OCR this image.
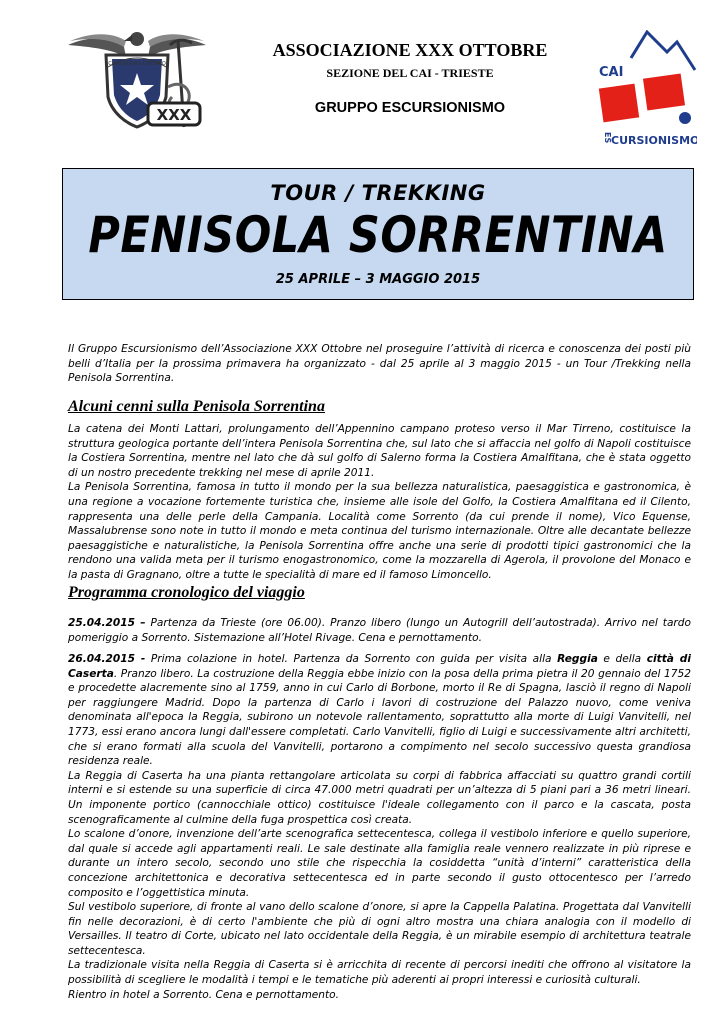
CLUB ALPINO ITALIANO
XXX
ASSOCIAZIONE XXX OTTOBRE
SEZIONE DEL CAI - TRIESTE
GRUPPO ESCURSIONISMO
CAI
ES CURSIONISMO
TOUR / TREKKING
PENISOLA SORRENTINA
25 APRILE – 3 MAGGIO 2015
Il Gruppo Escursionismo dell’Associazione XXX Ottobre nel proseguire l’attività di ricerca e conoscenza dei posti più belli d’Italia per la prossima primavera ha organizzato - dal 25 aprile al 3 maggio 2015 - un Tour /Trekking nella Penisola Sorrentina.
Alcuni cenni sulla Penisola Sorrentina

La catena dei Monti Lattari, prolungamento dell’Appennino campano proteso verso il Mar Tirreno, costituisce la struttura geologica portante dell’intera Penisola Sorrentina che, sul lato che si affaccia nel golfo di Napoli costituisce la Costiera Sorrentina, mentre nel lato che dà sul golfo di Salerno forma la Costiera Amalfitana, che è stata oggetto di un nostro precedente trekking nel mese di aprile 2011.

La Penisola Sorrentina, famosa in tutto il mondo per la sua bellezza naturalistica, paesaggistica e gastronomica, è una regione a vocazione fortemente turistica che, insieme alle isole del Golfo, la Costiera Amalfitana ed il Cilento, rappresenta una delle perle della Campania. Località come Sorrento (da cui prende il nome), Vico Equense, Massalubrense sono note in tutto il mondo e meta continua del turismo internazionale. Oltre alle decantate bellezze paesaggistiche e naturalistiche, la Penisola Sorrentina offre anche una serie di prodotti tipici gastronomici che la rendono una valida meta per il turismo enogastronomico, come la mozzarella di Agerola, il provolone del Monaco e la pasta di Gragnano, oltre a tutte le specialità di mare ed il famoso Limoncello.

Programma cronologico del viaggio

25.04.2015 – Partenza da Trieste (ore 06.00). Pranzo libero (lungo un Autogrill dell’autostrada). Arrivo nel tardo pomeriggio a Sorrento. Sistemazione all’Hotel Rivage. Cena e pernottamento.

26.04.2015 - Prima colazione in hotel. Partenza da Sorrento con guida per visita alla Reggia e della città di Caserta. Pranzo libero. La costruzione della Reggia ebbe inizio con la posa della prima pietra il 20 gennaio del 1752 e procedette alacremente sino al 1759, anno in cui Carlo di Borbone, morto il Re di Spagna, lasciò il regno di Napoli per raggiungere Madrid. Dopo la partenza di Carlo i lavori di costruzione del Palazzo nuovo, come veniva denominata all'epoca la Reggia, subirono un notevole rallentamento, soprattutto alla morte di Luigi Vanvitelli, nel 1773, essi erano ancora lungi dall'essere completati. Carlo Vanvitelli, figlio di Luigi e successivamente altri architetti, che si erano formati alla scuola del Vanvitelli, portarono a compimento nel secolo successivo questa grandiosa residenza reale.

La Reggia di Caserta ha una pianta rettangolare articolata su corpi di fabbrica affacciati su quattro grandi cortili interni e si estende su una superficie di circa 47.000 metri quadrati per un’altezza di 5 piani pari a 36 metri lineari. Un imponente portico (cannocchiale ottico) costituisce l'ideale collegamento con il parco e la cascata, posta scenograficamente al culmine della fuga prospettica così creata.

Lo scalone d’onore, invenzione dell’arte scenografica settecentesca, collega il vestibolo inferiore e quello superiore, dal quale si accede agli appartamenti reali. Le sale destinate alla famiglia reale vennero realizzate in più riprese e durante un intero secolo, secondo uno stile che rispecchia la cosiddetta “unità d’interni” caratteristica della concezione architettonica e decorativa settecentesca ed in parte secondo il gusto ottocentesco per l’arredo composito e l’oggettistica minuta.

Sul vestibolo superiore, di fronte al vano dello scalone d’onore, si apre la Cappella Palatina. Progettata dal Vanvitelli fin nelle decorazioni, è di certo l'ambiente che più di ogni altro mostra una chiara analogia con il modello di Versailles. Il teatro di Corte, ubicato nel lato occidentale della Reggia, è un mirabile esempio di architettura teatrale settecentesca.

La tradizionale visita nella Reggia di Caserta si è arricchita di recente di percorsi inediti che offrono al visitatore la possibilità di scegliere le modalità i tempi e le tematiche più aderenti ai propri interessi e curiosità culturali.

Rientro in hotel a Sorrento. Cena e pernottamento.
